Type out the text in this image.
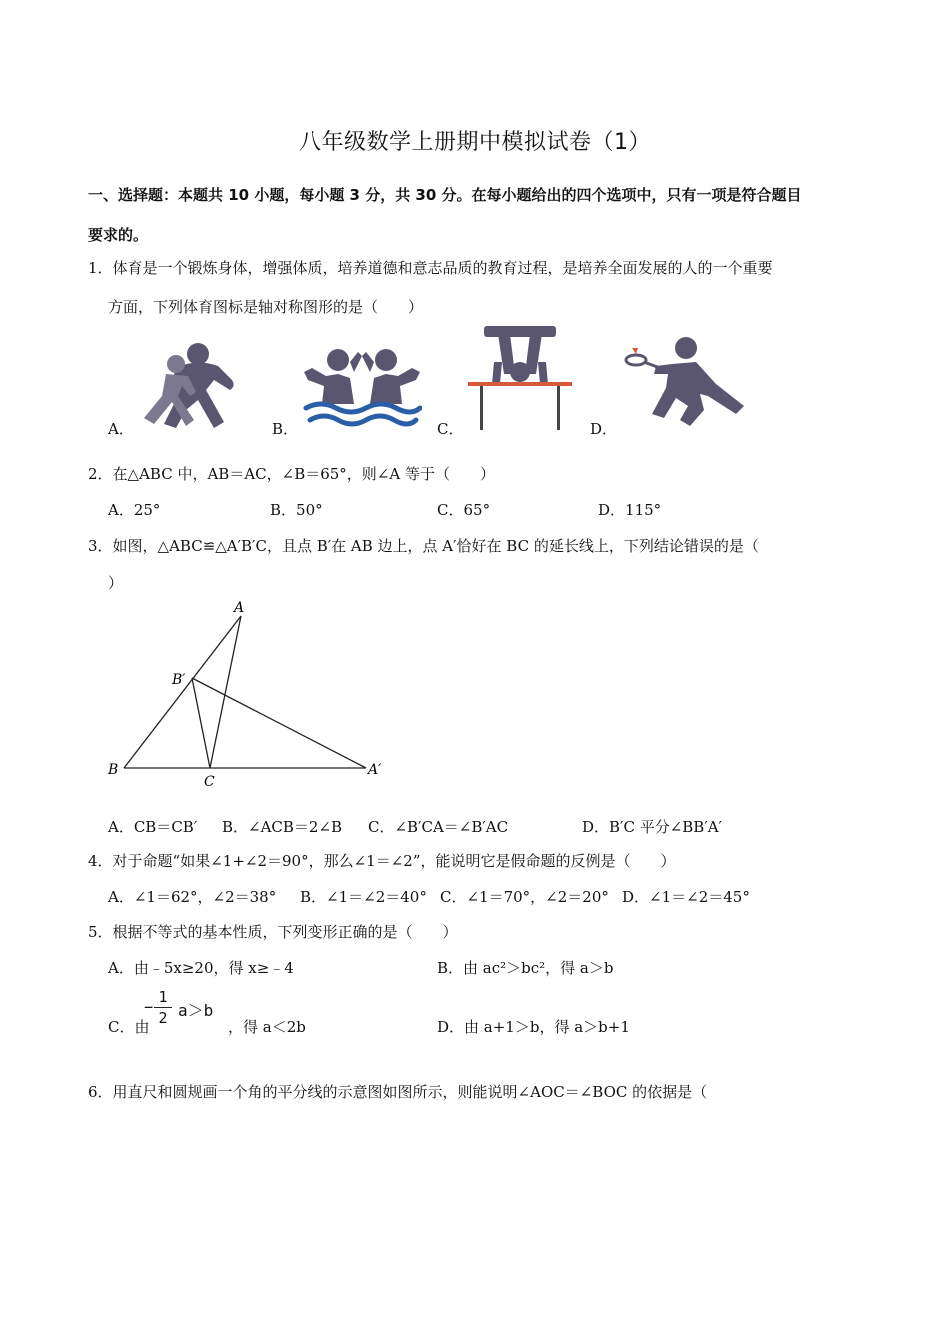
八年级数学上册期中模拟试卷（1）
一、选择题：本题共 10 小题，每小题 3 分，共 30 分。在每小题给出的四个选项中，只有一项是符合题目
要求的。
1．体育是一个锻炼身体，增强体质，培养道德和意志品质的教育过程，是培养全面发展的人的一个重要
方面，下列体育图标是轴对称图形的是（　　）
A．	B．	C．	D．
2．在△ABC 中，AB＝AC，∠B＝65°，则∠A 等于（　　）
A．25°	B．50°	C．65°	D．115°
3．如图，△ABC≌△A′B′C，且点 B′在 AB 边上，点 A′恰好在 BC 的延长线上，下列结论错误的是（
）
A
B′
B
C
A′
A．CB＝CB′ B．∠ACB＝2∠B C．∠B′CA＝∠B′AC	D．B′C 平分∠BB′A′
4．对于命题“如果∠1+∠2＝90°，那么∠1＝∠2”，能说明它是假命题的反例是（　　）
A．∠1＝62°，∠2＝38° B．∠1＝∠2＝40° C．∠1＝70°，∠2＝20° D．∠1＝∠2＝45°
5．根据不等式的基本性质，下列变形正确的是（　　）
A．由﹣5x≥20，得 x≥﹣4	B．由 ac²＞bc²，得 a＞b
C．由
−
1
2 a＞b
，得 a＜2b	D．由 a+1＞b，得 a＞b+1
6．用直尺和圆规画一个角的平分线的示意图如图所示，则能说明∠AOC＝∠BOC 的依据是（
